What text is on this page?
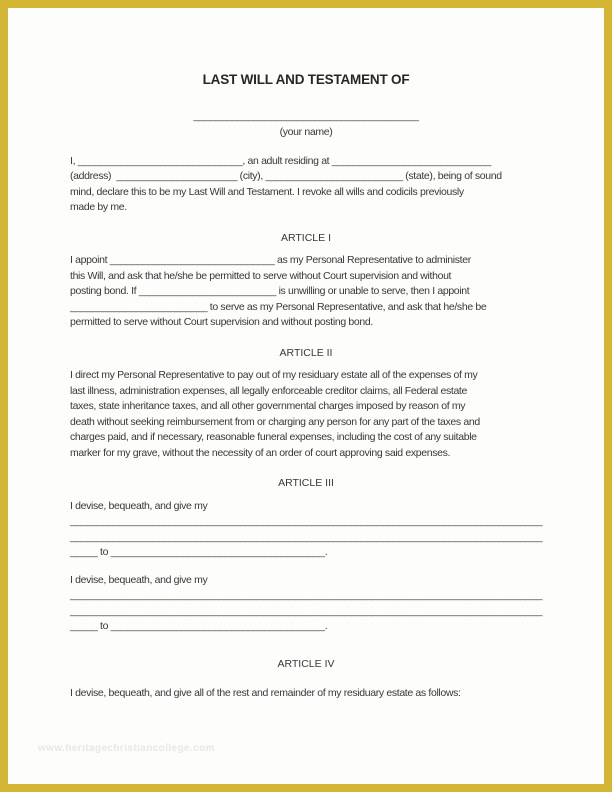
LAST WILL AND TESTAMENT OF
_________________________________________
(your name)
I, ______________________________, an adult residing at _____________________________
(address)  ______________________ (city), _________________________ (state), being of sound
mind, declare this to be my Last Will and Testament. I revoke all wills and codicils previously
made by me.
ARTICLE I
I appoint ______________________________ as my Personal Representative to administer
this Will, and ask that he/she be permitted to serve without Court supervision and without
posting bond. If _________________________ is unwilling or unable to serve, then I appoint
_________________________ to serve as my Personal Representative, and ask that he/she be
permitted to serve without Court supervision and without posting bond.
ARTICLE II
I direct my Personal Representative to pay out of my residuary estate all of the expenses of my
last illness, administration expenses, all legally enforceable creditor claims, all Federal estate
taxes, state inheritance taxes, and all other governmental charges imposed by reason of my
death without seeking reimbursement from or charging any person for any part of the taxes and
charges paid, and if necessary, reasonable funeral expenses, including the cost of any suitable
marker for my grave, without the necessity of an order of court approving said expenses.
ARTICLE III
I devise, bequeath, and give my
______________________________________________________________________________________
______________________________________________________________________________________
_____ to _______________________________________.
I devise, bequeath, and give my
______________________________________________________________________________________
______________________________________________________________________________________
_____ to _______________________________________.
ARTICLE IV
I devise, bequeath, and give all of the rest and remainder of my residuary estate as follows:
www.heritagechristiancollege.com
